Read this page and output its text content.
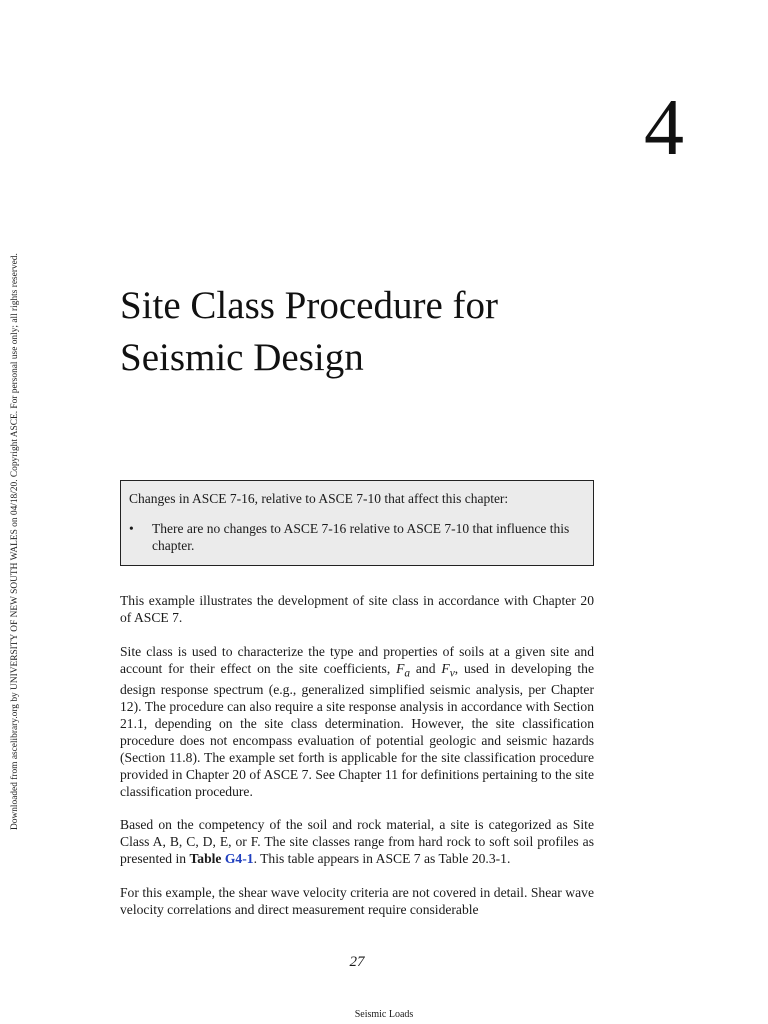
Downloaded from ascelibrary.org by UNIVERSITY OF NEW SOUTH WALES on 04/18/20. Copyright ASCE. For personal use only; all rights reserved.
4
Site Class Procedure for
Seismic Design

Changes in ASCE 7-16, relative to ASCE 7-10 that affect this chapter:

•	There are no changes to ASCE 7-16 relative to ASCE 7-10 that influence this chapter.

This example illustrates the development of site class in accordance with Chapter 20 of ASCE 7.

Site class is used to characterize the type and properties of soils at a given site and account for their effect on the site coefficients, $F_a$ and $F_v$, used in developing the design response spectrum (e.g., generalized simplified seismic analysis, per Chapter 12). The procedure can also require a site response analysis in accordance with Section 21.1, depending on the site class determination. However, the site classification procedure does not encompass evaluation of potential geologic and seismic hazards (Section 11.8). The example set forth is applicable for the site classification procedure provided in Chapter 20 of ASCE 7. See Chapter 11 for definitions pertaining to the site classification procedure.

Based on the competency of the soil and rock material, a site is categorized as Site Class A, B, C, D, E, or F. The site classes range from hard rock to soft soil profiles as presented in Table G4-1. This table appears in ASCE 7 as Table 20.3-1.

For this example, the shear wave velocity criteria are not covered in detail. Shear wave velocity correlations and direct measurement require considerable

27
Seismic Loads
